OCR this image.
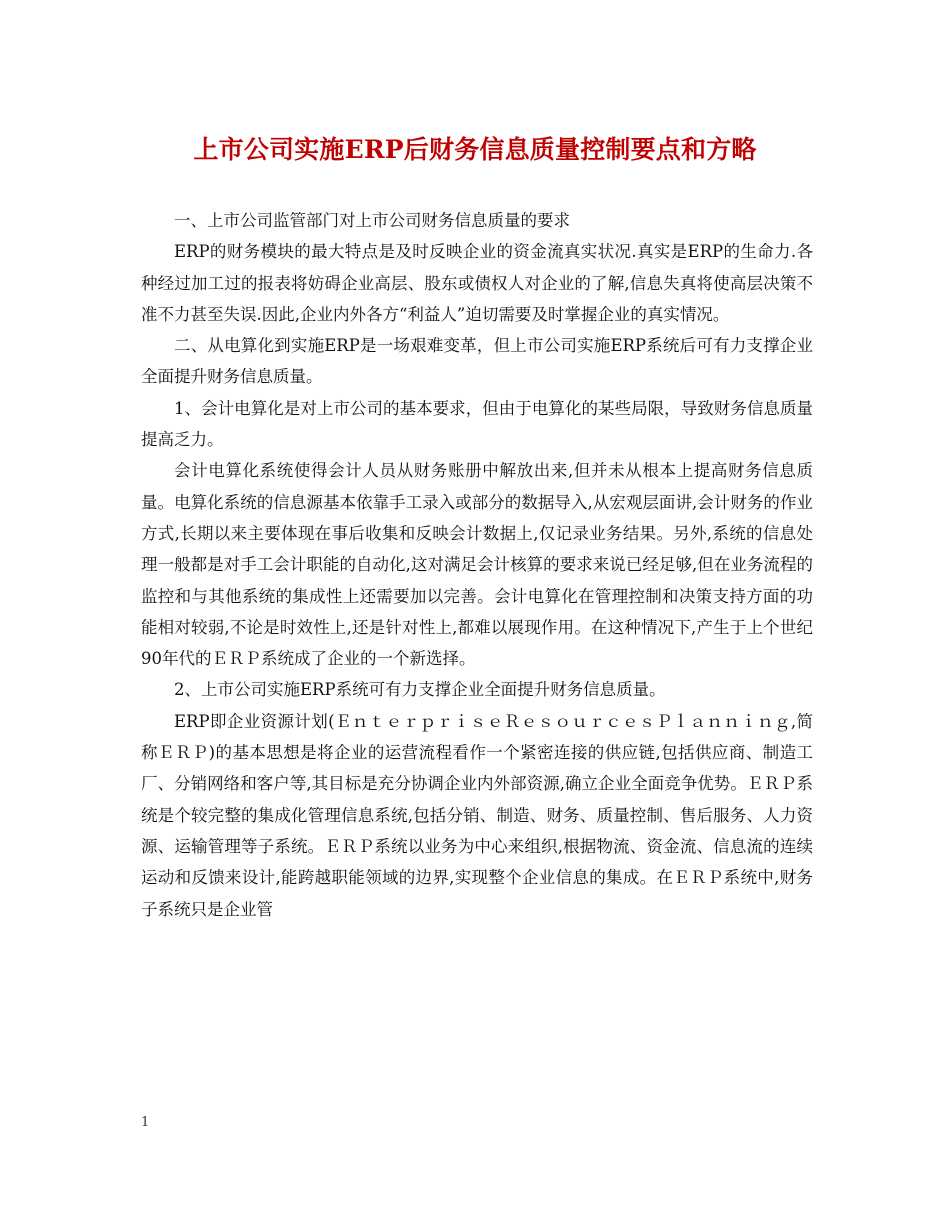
上市公司实施ERP后财务信息质量控制要点和方略

一、上市公司监管部门对上市公司财务信息质量的要求

ERP的财务模块的最大特点是及时反映企业的资金流真实状况.真实是ERP的生命力.各种经过加工过的报表将妨碍企业高层、股东或债权人对企业的了解,信息失真将使高层决策不准不力甚至失误.因此,企业内外各方“利益人”迫切需要及时掌握企业的真实情况。

二、从电算化到实施ERP是一场艰难变革，但上市公司实施ERP系统后可有力支撑企业全面提升财务信息质量。

1、会计电算化是对上市公司的基本要求，但由于电算化的某些局限，导致财务信息质量提高乏力。

会计电算化系统使得会计人员从财务账册中解放出来,但并未从根本上提高财务信息质量。电算化系统的信息源基本依靠手工录入或部分的数据导入,从宏观层面讲,会计财务的作业方式,长期以来主要体现在事后收集和反映会计数据上,仅记录业务结果。另外,系统的信息处理一般都是对手工会计职能的自动化,这对满足会计核算的要求来说已经足够,但在业务流程的监控和与其他系统的集成性上还需要加以完善。会计电算化在管理控制和决策支持方面的功能相对较弱,不论是时效性上,还是针对性上,都难以展现作用。在这种情况下,产生于上个世纪90年代的ＥＲＰ系统成了企业的一个新选择。

2、上市公司实施ERP系统可有力支撑企业全面提升财务信息质量。

ERP即企业资源计划(ＥｎｔｅｒｐｒｉｓｅＲｅｓｏｕｒｃｅｓＰｌａｎｎｉｎｇ,简称ＥＲＰ)的基本思想是将企业的运营流程看作一个紧密连接的供应链,包括供应商、制造工厂、分销网络和客户等,其目标是充分协调企业内外部资源,确立企业全面竞争优势。ＥＲＰ系统是个较完整的集成化管理信息系统,包括分销、制造、财务、质量控制、售后服务、人力资源、运输管理等子系统。ＥＲＰ系统以业务为中心来组织,根据物流、资金流、信息流的连续运动和反馈来设计,能跨越职能领域的边界,实现整个企业信息的集成。在ＥＲＰ系统中,财务子系统只是企业管

1
